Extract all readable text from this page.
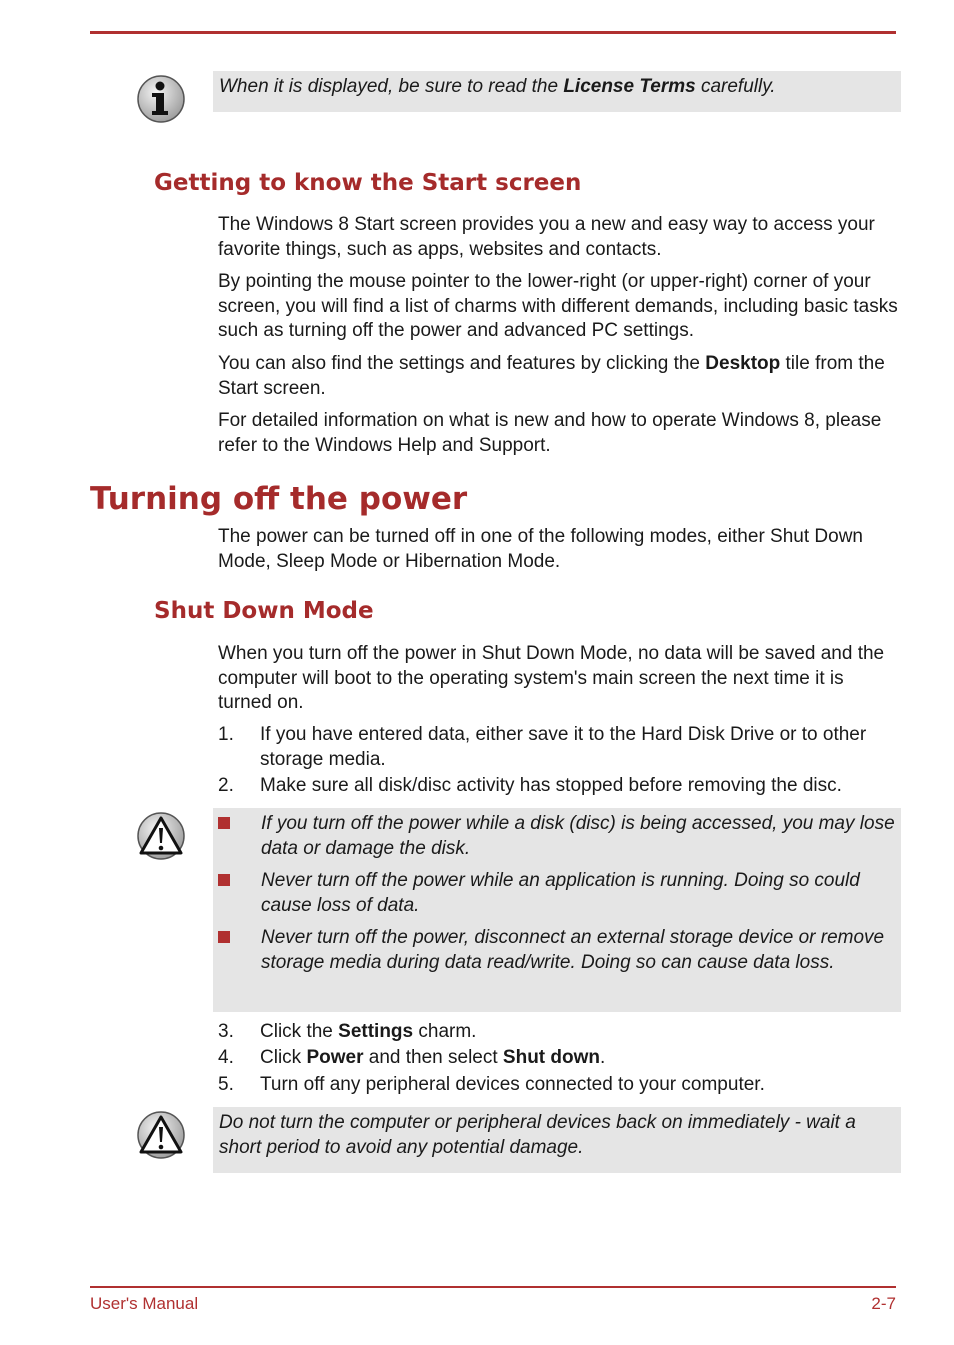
When it is displayed, be sure to read the License Terms carefully.
Getting to know the Start screen

The Windows 8 Start screen provides you a new and easy way to access your favorite things, such as apps, websites and contacts.

By pointing the mouse pointer to the lower-right (or upper-right) corner of your screen, you will find a list of charms with different demands, including basic tasks such as turning off the power and advanced PC settings.

You can also find the settings and features by clicking the Desktop tile from the Start screen.

For detailed information on what is new and how to operate Windows 8, please refer to the Windows Help and Support.

Turning off the power

The power can be turned off in one of the following modes, either Shut Down Mode, Sleep Mode or Hibernation Mode.

Shut Down Mode

When you turn off the power in Shut Down Mode, no data will be saved and the computer will boot to the operating system's main screen the next time it is turned on.

1. If you have entered data, either save it to the Hard Disk Drive or to other storage media.
2. Make sure all disk/disc activity has stopped before removing the disc.
If you turn off the power while a disk (disc) is being accessed, you may lose data or damage the disk.
Never turn off the power while an application is running. Doing so could cause loss of data.
Never turn off the power, disconnect an external storage device or remove storage media during data read/write. Doing so can cause data loss.
3. Click the Settings charm.
4. Click Power and then select Shut down.
5. Turn off any peripheral devices connected to your computer.
Do not turn the computer or peripheral devices back on immediately - wait a short period to avoid any potential damage.
User's Manual	2-7
